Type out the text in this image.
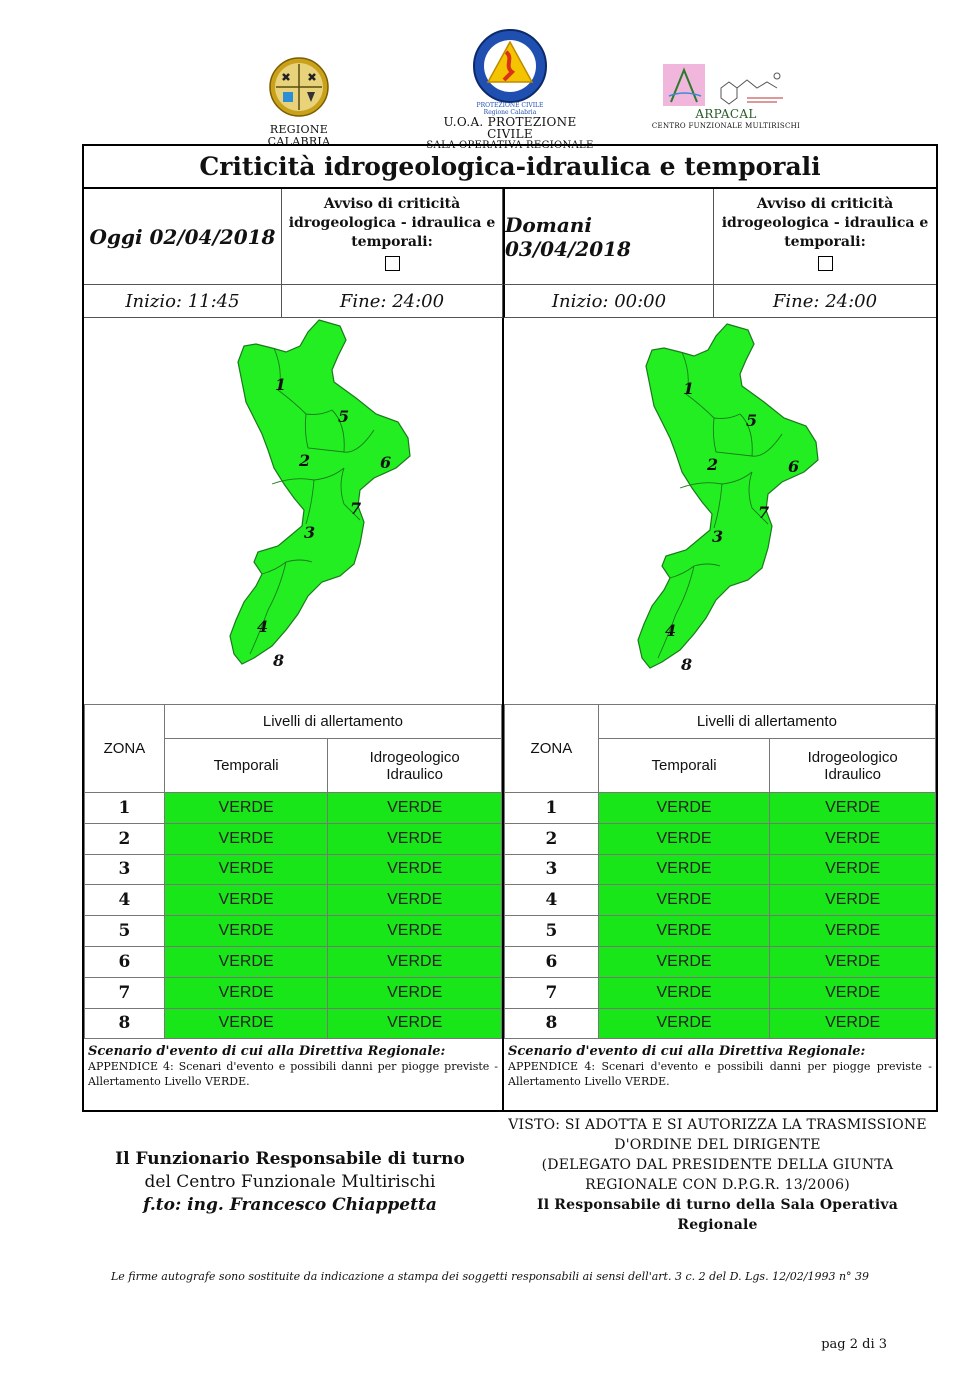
REGIONE CALABRIA
PROTEZIONE CIVILE
Regione Calabria
U.O.A. PROTEZIONE CIVILE
SALA OPERATIVA REGIONALE
ARPACAL
CENTRO FUNZIONALE MULTIRISCHI
Criticità idrogeologica-idraulica e temporali
Oggi 02/04/2018
Avviso di criticità
idrogeologica - idraulica e
temporali:
Domani 03/04/2018
Avviso di criticità
idrogeologica - idraulica e
temporali:
Inizio: 11:45	Fine: 24:00	Inizio: 00:00	Fine: 24:00
1
5
2	6
7
3
4
8
1
5
2	6
7
3
4
8
ZONA	Livelli di allertamento	
	Temporali	Idrogeologico
Idraulico

1	VERDE	VERDE
2	VERDE	VERDE
3	VERDE	VERDE
4	VERDE	VERDE
5	VERDE	VERDE
6	VERDE	VERDE
7	VERDE	VERDE
8	VERDE	VERDE
ZONA	Livelli di allertamento	
	Temporali	Idrogeologico
Idraulico

1	VERDE	VERDE
2	VERDE	VERDE
3	VERDE	VERDE
4	VERDE	VERDE
5	VERDE	VERDE
6	VERDE	VERDE
7	VERDE	VERDE
8	VERDE	VERDE
Scenario d'evento di cui alla Direttiva Regionale:
APPENDICE 4: Scenari d'evento e possibili danni per piogge previste - Allertamento Livello VERDE.
Scenario d'evento di cui alla Direttiva Regionale:
APPENDICE 4: Scenari d'evento e possibili danni per piogge previste - Allertamento Livello VERDE.
Il Funzionario Responsabile di turno
del Centro Funzionale Multirischi
f.to: ing. Francesco Chiappetta
VISTO: SI ADOTTA E SI AUTORIZZA LA TRASMISSIONE
D'ORDINE DEL DIRIGENTE
(DELEGATO DAL PRESIDENTE DELLA GIUNTA
REGIONALE CON D.P.G.R. 13/2006)
Il Responsabile di turno della Sala Operativa Regionale
Le firme autografe sono sostituite da indicazione a stampa dei soggetti responsabili ai sensi dell'art. 3 c. 2 del D. Lgs. 12/02/1993 n° 39
pag 2 di 3
